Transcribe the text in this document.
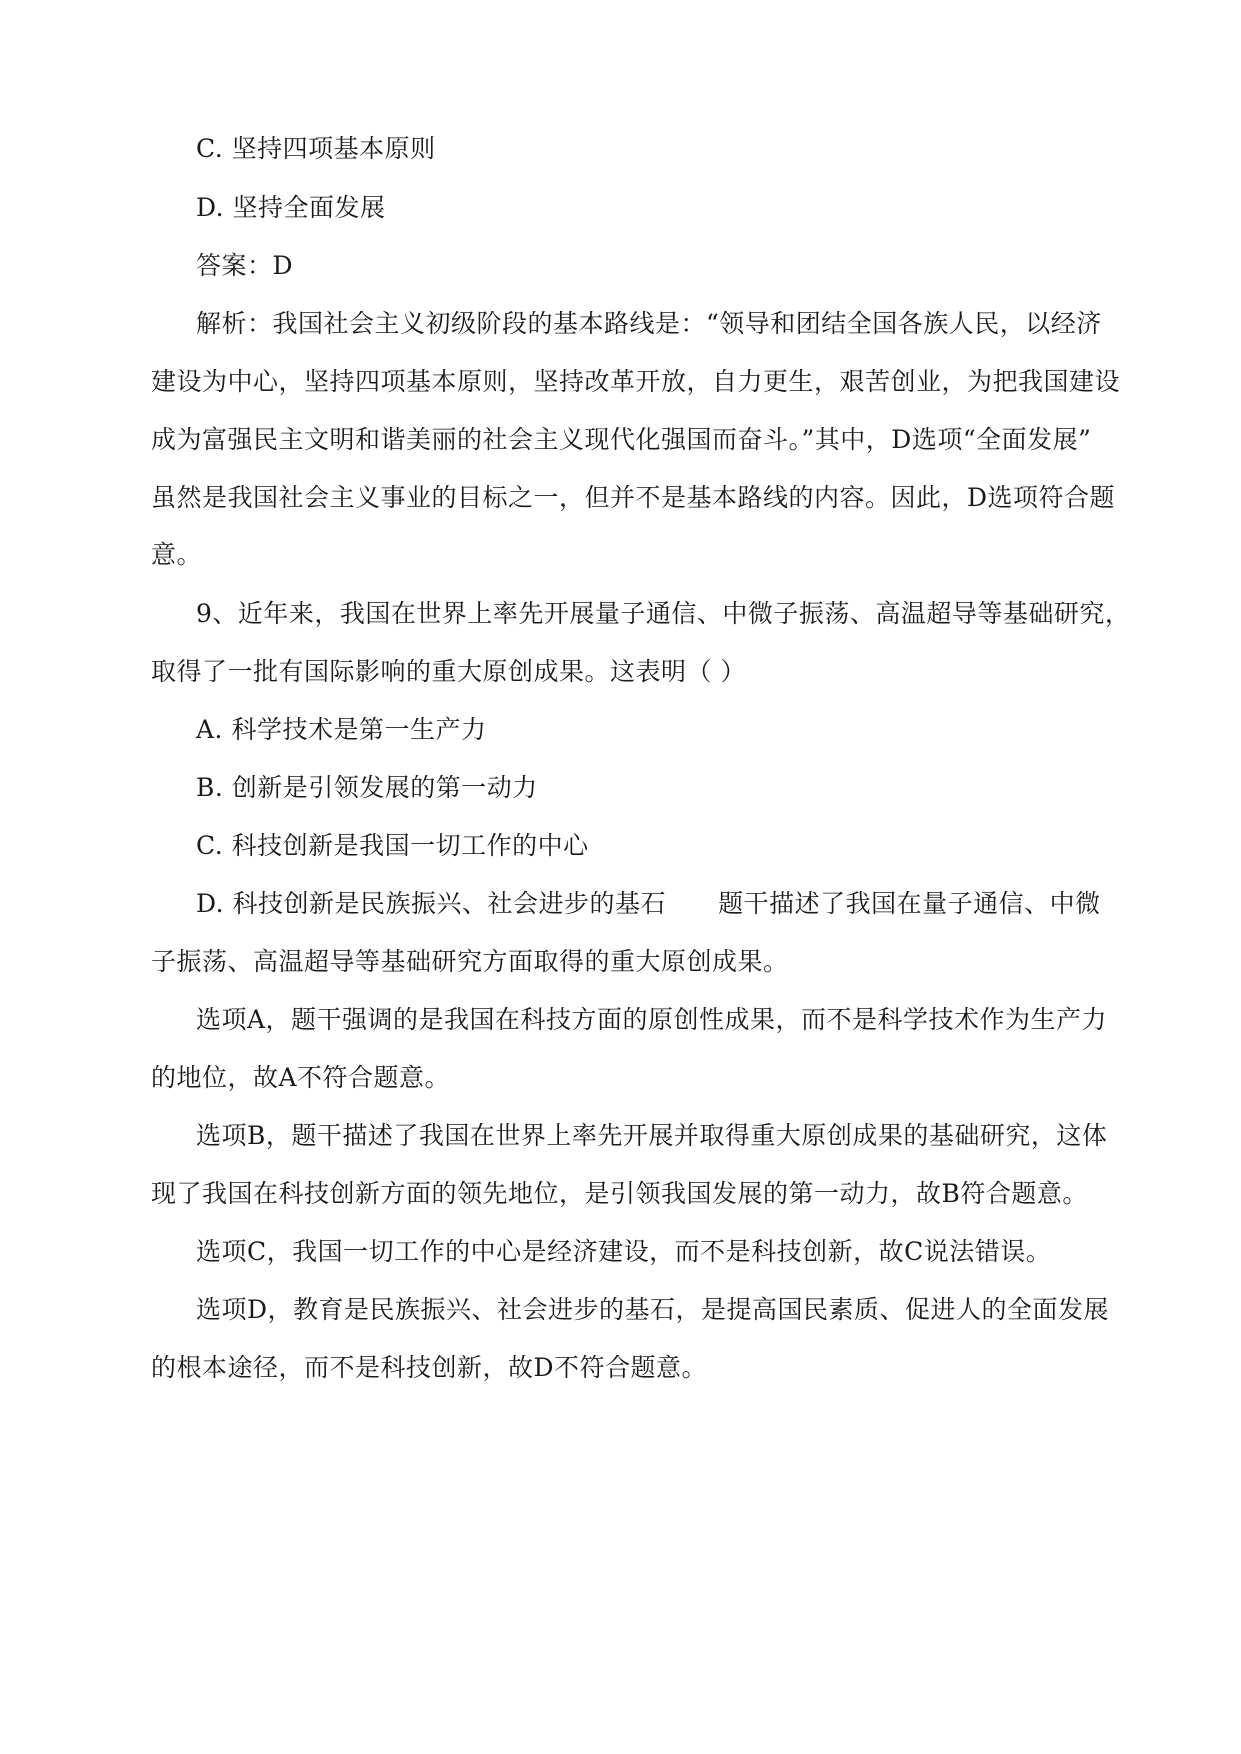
C. 坚持四项基本原则
D. 坚持全面发展
答案：D
解析：我国社会主义初级阶段的基本路线是：“领导和团结全国各族人民，以经济
建设为中心，坚持四项基本原则，坚持改革开放，自力更生，艰苦创业，为把我国建设
成为富强民主文明和谐美丽的社会主义现代化强国而奋斗。”其中，D选项“全面发展”
虽然是我国社会主义事业的目标之一，但并不是基本路线的内容。因此，D选项符合题
意。
9、近年来，我国在世界上率先开展量子通信、中微子振荡、高温超导等基础研究，
取得了一批有国际影响的重大原创成果。这表明（ ）
A. 科学技术是第一生产力
B. 创新是引领发展的第一动力
C. 科技创新是我国一切工作的中心
D. 科技创新是民族振兴、社会进步的基石 题干描述了我国在量子通信、中微
子振荡、高温超导等基础研究方面取得的重大原创成果。
选项A，题干强调的是我国在科技方面的原创性成果，而不是科学技术作为生产力
的地位，故A不符合题意。
选项B，题干描述了我国在世界上率先开展并取得重大原创成果的基础研究，这体
现了我国在科技创新方面的领先地位，是引领我国发展的第一动力，故B符合题意。
选项C，我国一切工作的中心是经济建设，而不是科技创新，故C说法错误。
选项D，教育是民族振兴、社会进步的基石，是提高国民素质、促进人的全面发展
的根本途径，而不是科技创新，故D不符合题意。
